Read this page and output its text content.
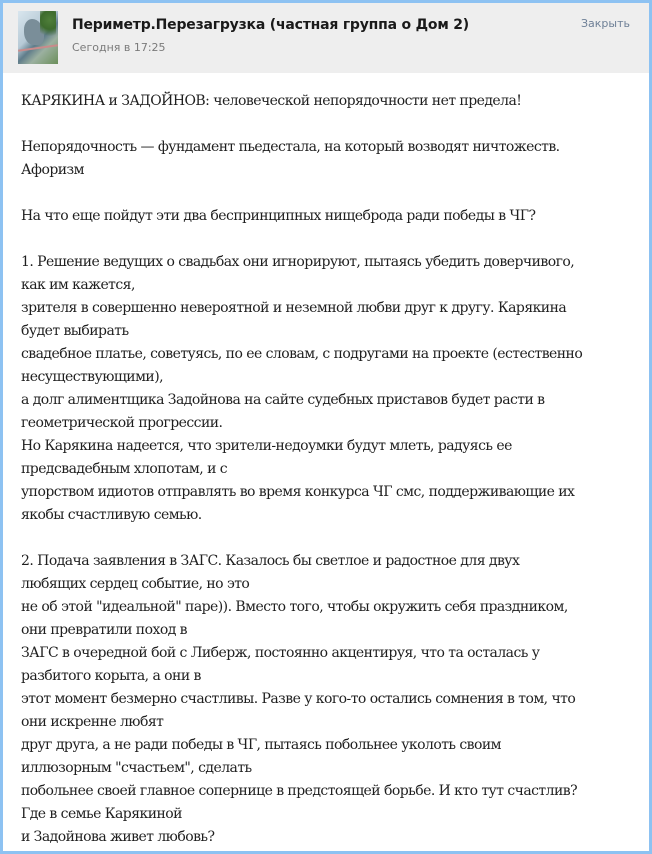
Периметр.Перезагрузка (частная группа о Дом 2)
Сегодня в 17:25
Закрыть

КАРЯКИНА и ЗАДОЙНОВ: человеческой непорядочности нет предела!

Непорядочность — фундамент пьедестала, на который возводят ничтожеств.
Афоризм

На что еще пойдут эти два беспринципных нищеброда ради победы в ЧГ?

1. Решение ведущих о свадьбах они игнорируют, пытаясь убедить доверчивого,
как им кажется,
зрителя в совершенно невероятной и неземной любви друг к другу. Карякина
будет выбирать
свадебное платье, советуясь, по ее словам, с подругами на проекте (естественно
несуществующими),
а долг алиментщика Задойнова на сайте судебных приставов будет расти в
геометрической прогрессии.
Но Карякина надеется, что зрители-недоумки будут млеть, радуясь ее
предсвадебным хлопотам, и с
упорством идиотов отправлять во время конкурса ЧГ смс, поддерживающие их
якобы счастливую семью.

2. Подача заявления в ЗАГС. Казалось бы светлое и радостное для двух
любящих сердец событие, но это
не об этой "идеальной" паре)). Вместо того, чтобы окружить себя праздником,
они превратили поход в
ЗАГС в очередной бой с Либерж, постоянно акцентируя, что та осталась у
разбитого корыта, а они в
этот момент безмерно счастливы. Разве у кого-то остались сомнения в том, что
они искренне любят
друг друга, а не ради победы в ЧГ, пытаясь побольнее уколоть своим
иллюзорным "счастьем", сделать
побольнее своей главное сопернице в предстоящей борьбе. И кто тут счастлив?
Где в семье Карякиной
и Задойнова живет любовь?
